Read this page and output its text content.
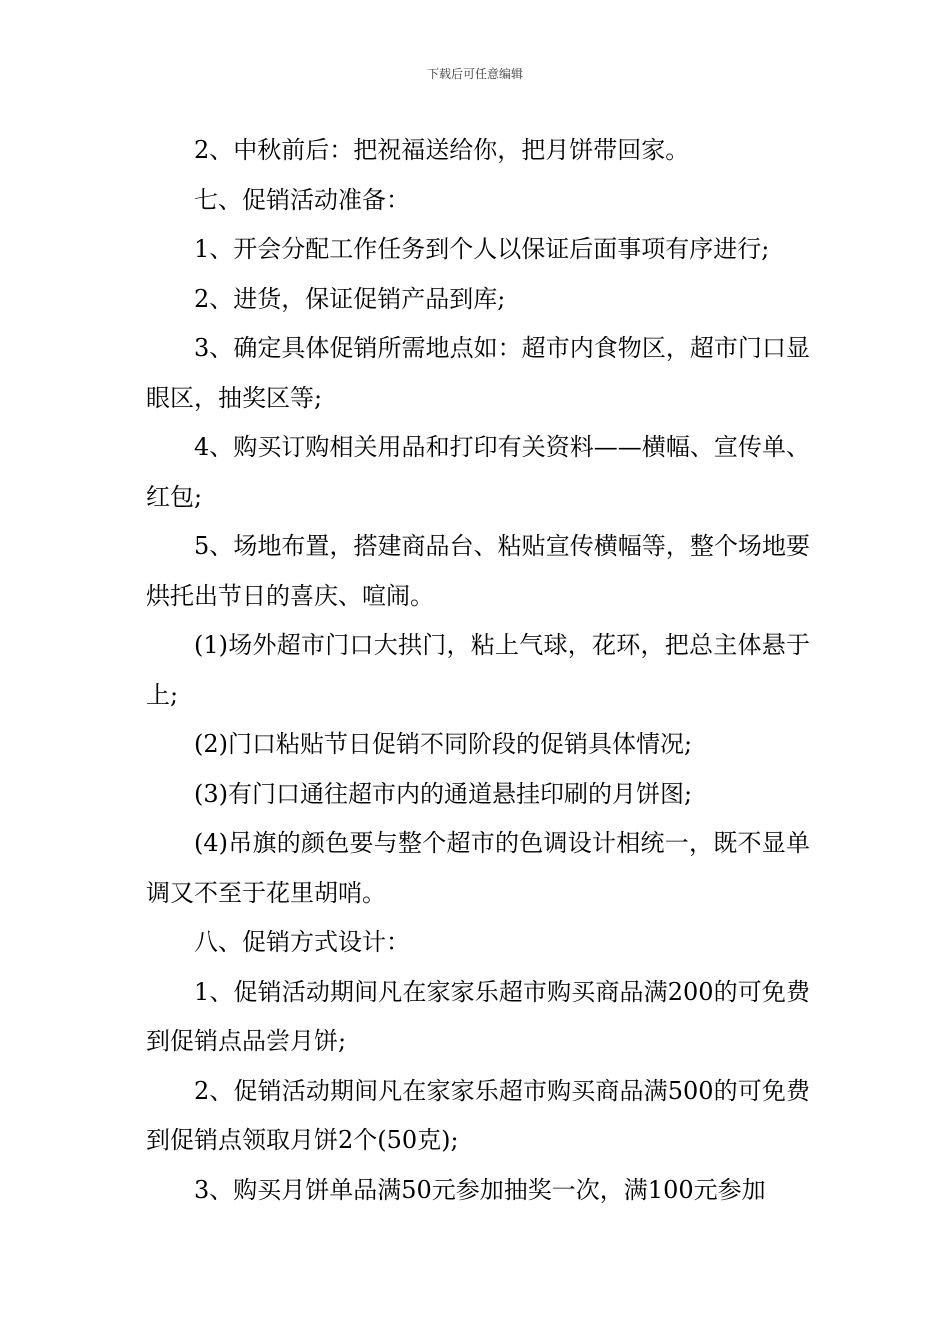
下载后可任意编辑

2、中秋前后：把祝福送给你，把月饼带回家。

七、促销活动准备：

1、开会分配工作任务到个人以保证后面事项有序进行;

2、进货，保证促销产品到库;

3、确定具体促销所需地点如：超市内食物区，超市门口显眼区，抽奖区等;

4、购买订购相关用品和打印有关资料——横幅、宣传单、红包;

5、场地布置，搭建商品台、粘贴宣传横幅等，整个场地要烘托出节日的喜庆、喧闹。

(1)场外超市门口大拱门，粘上气球，花环，把总主体悬于上;

(2)门口粘贴节日促销不同阶段的促销具体情况;

(3)有门口通往超市内的通道悬挂印刷的月饼图;

(4)吊旗的颜色要与整个超市的色调设计相统一，既不显单调又不至于花里胡哨。

八、促销方式设计：

1、促销活动期间凡在家家乐超市购买商品满200的可免费到促销点品尝月饼;

2、促销活动期间凡在家家乐超市购买商品满500的可免费到促销点领取月饼2个(50克);

3、购买月饼单品满50元参加抽奖一次，满100元参加
